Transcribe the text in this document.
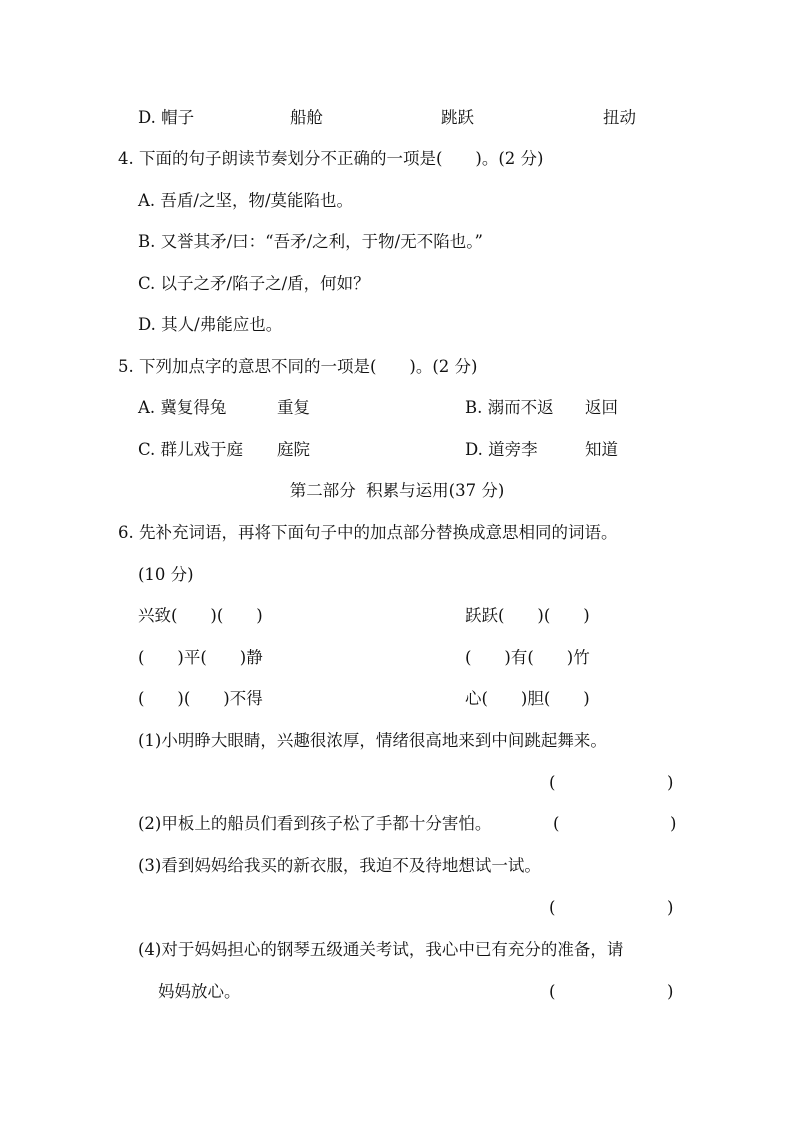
D. 帽子	船舱	跳跃	扭动
4. 下面的句子朗读节奏划分不正确的一项是(　　)。(2 分)
A. 吾盾/之坚，物/莫能陷也。
B. 又誉其矛/曰：“吾矛/之利，于物/无不陷也。”
C. 以子之矛/陷子之/盾，何如？
D. 其人/弗能应也。
5. 下列加点字的意思不同的一项是(　　)。(2 分)
A. 冀复得兔	重复	B. 溺而不返 返回
C. 群儿戏于庭 庭院	D. 道旁李	知道
第二部分  积累与运用(37 分)
6. 先补充词语，再将下面句子中的加点部分替换成意思相同的词语。
(10 分)
兴致(　　)(　　)	跃跃(　　)(　　)
(　　)平(　　)静	(　　)有(　　)竹
(　　)(　　)不得	心(　　)胆(　　)
(1)小明睁大眼睛，兴趣很浓厚，情绪很高地来到中间跳起舞来。
(	)
(2)甲板上的船员们看到孩子松了手都十分害怕。	(	)
(3)看到妈妈给我买的新衣服，我迫不及待地想试一试。
(	)
(4)对于妈妈担心的钢琴五级通关考试，我心中已有充分的准备，请
妈妈放心。	(	)
